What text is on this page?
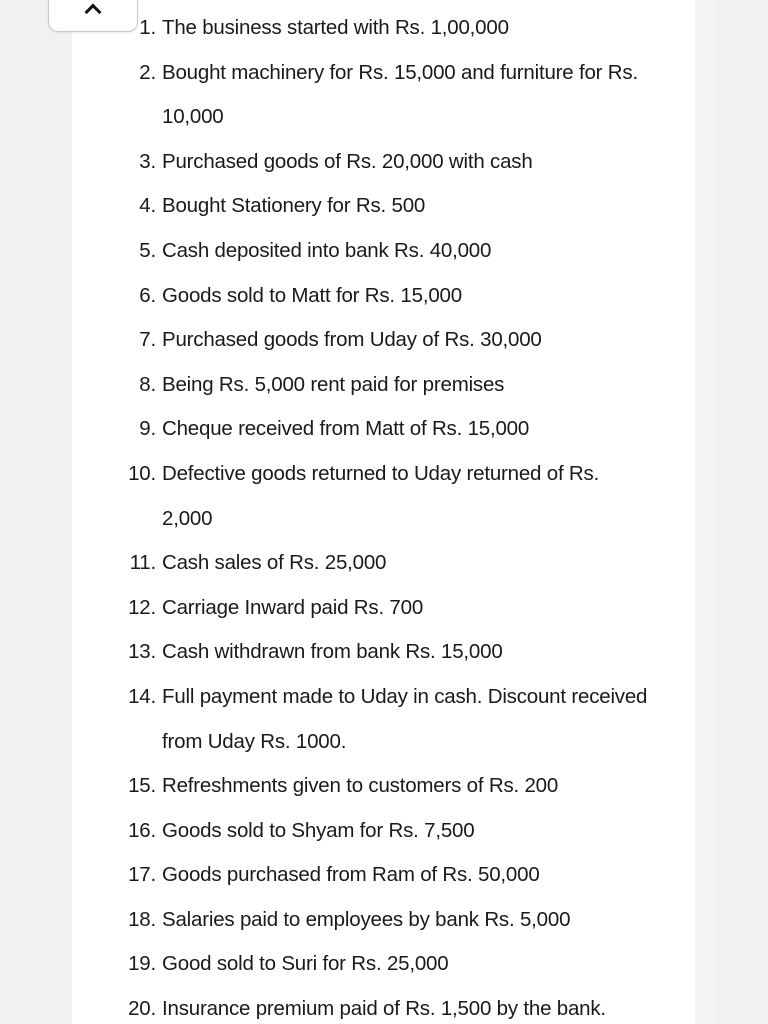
1. The business started with Rs. 1,00,000
2. Bought machinery for Rs. 15,000 and furniture for Rs.
10,000
3. Purchased goods of Rs. 20,000 with cash
4. Bought Stationery for Rs. 500
5. Cash deposited into bank Rs. 40,000
6. Goods sold to Matt for Rs. 15,000
7. Purchased goods from Uday of Rs. 30,000
8. Being Rs. 5,000 rent paid for premises
9. Cheque received from Matt of Rs. 15,000
10. Defective goods returned to Uday returned of Rs.
2,000
11. Cash sales of Rs. 25,000
12. Carriage Inward paid Rs. 700
13. Cash withdrawn from bank Rs. 15,000
14. Full payment made to Uday in cash. Discount received
from Uday Rs. 1000.
15. Refreshments given to customers of Rs. 200
16. Goods sold to Shyam for Rs. 7,500
17. Goods purchased from Ram of Rs. 50,000
18. Salaries paid to employees by bank Rs. 5,000
19. Good sold to Suri for Rs. 25,000
20. Insurance premium paid of Rs. 1,500 by the bank.
